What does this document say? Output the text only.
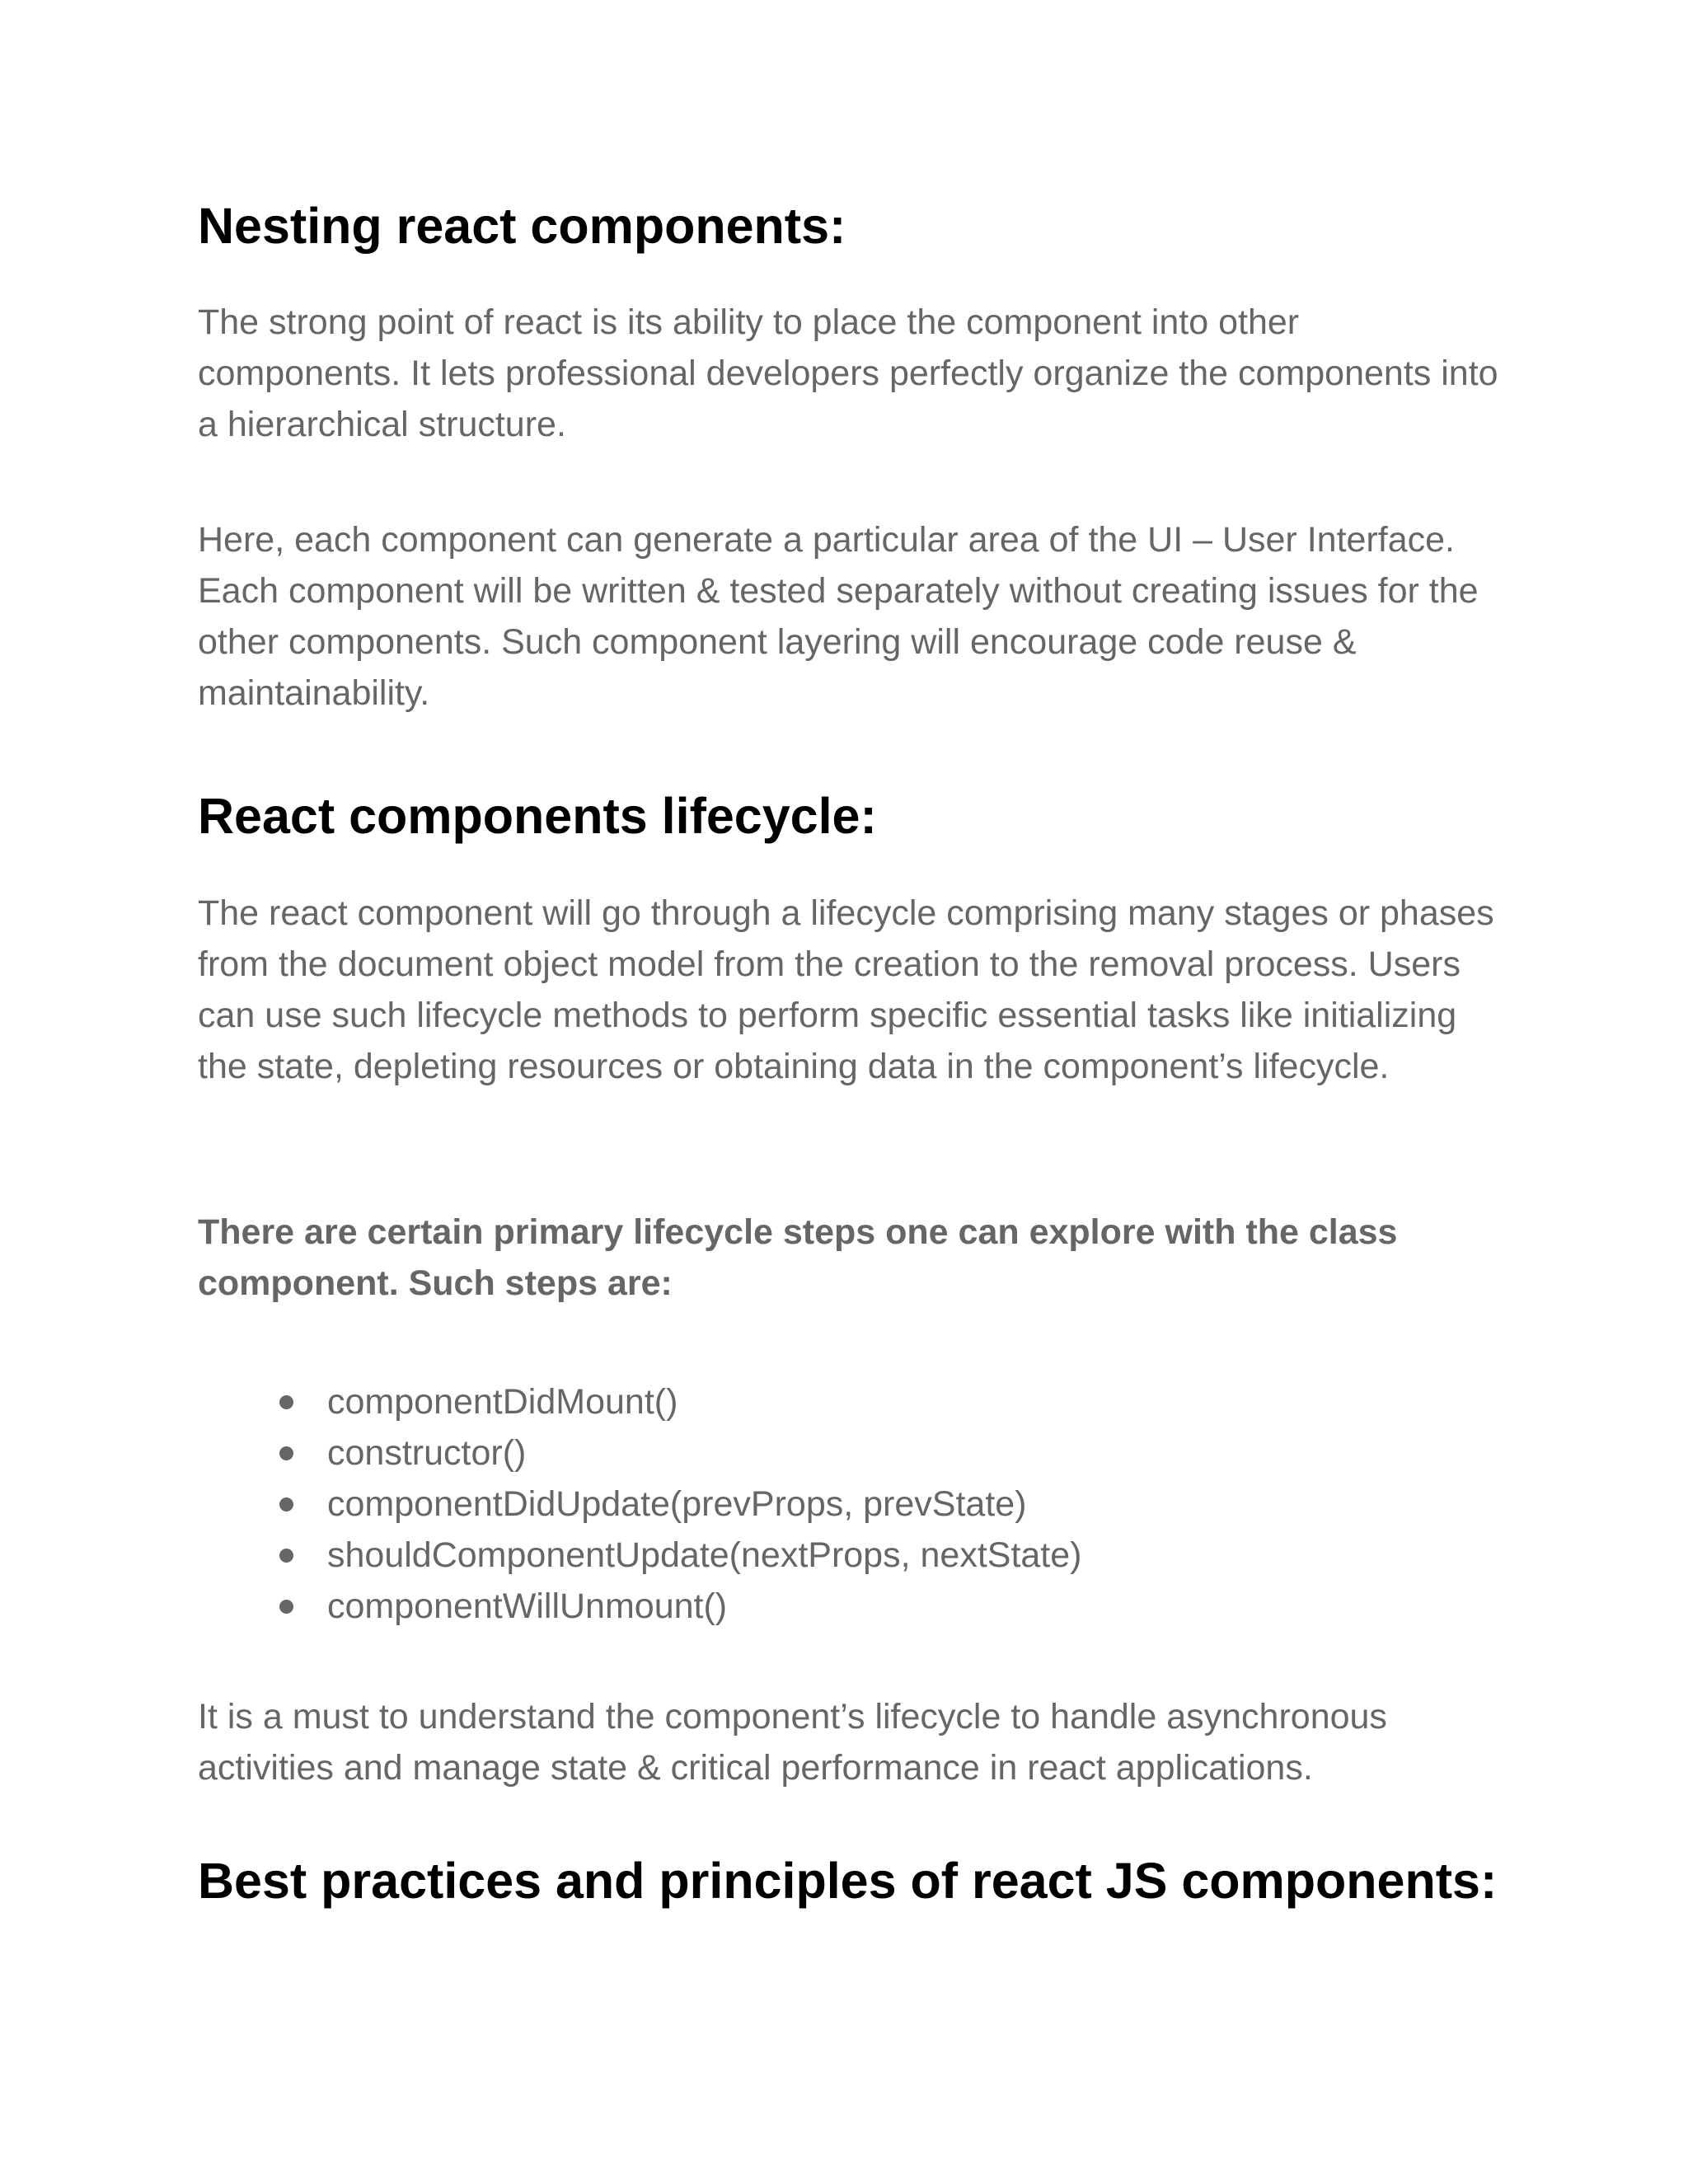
Nesting react components:

The strong point of react is its ability to place the component into other components. It lets professional developers perfectly organize the components into a hierarchical structure.

Here, each component can generate a particular area of the UI – User Interface. Each component will be written & tested separately without creating issues for the other components. Such component layering will encourage code reuse & maintainability.

React components lifecycle:

The react component will go through a lifecycle comprising many stages or phases from the document object model from the creation to the removal process. Users can use such lifecycle methods to perform specific essential tasks like initializing the state, depleting resources or obtaining data in the component’s lifecycle.

There are certain primary lifecycle steps one can explore with the class component. Such steps are:

componentDidMount()
constructor()
componentDidUpdate(prevProps, prevState)
shouldComponentUpdate(nextProps, nextState)
componentWillUnmount()

It is a must to understand the component’s lifecycle to handle asynchronous activities and manage state & critical performance in react applications.

Best practices and principles of react JS components:
